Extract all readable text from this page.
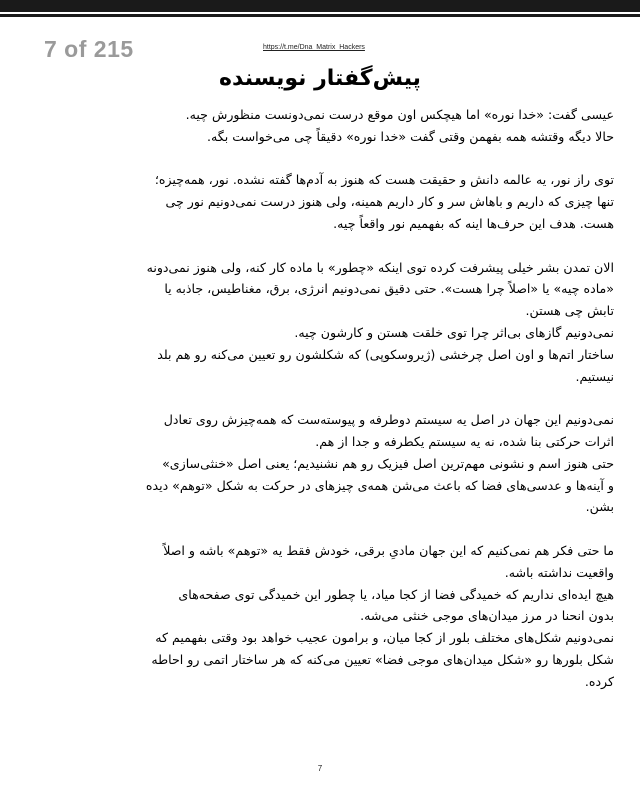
7 of 215	https://t.me/Dna_Matrix_Hackers
پیش‌گفتار نویسنده
عیسی گفت: «خدا نوره» اما هیچکس اون موقع درست نمی‌دونست منظورش چیه.
حالا دیگه وقتشه همه بفهمن وقتی گفت «خدا نوره» دقیقاً چی می‌خواست بگه.
توی راز نور، یه عالمه دانش و حقیقت هست که هنوز به آدم‌ها گفته نشده. نور، همه‌چیزه؛
تنها چیزی که داریم و باهاش سر و کار داریم همینه، ولی هنوز درست نمی‌دونیم نور چی
هست. هدف این حرف‌ها اینه که بفهمیم نور واقعاً چیه.
الان تمدن بشر خیلی پیشرفت کرده توی اینکه «چطور» با ماده کار کنه، ولی هنوز نمی‌دونه
«ماده چیه» یا «اصلاً چرا هست». حتی دقیق نمی‌دونیم انرژی، برق، مغناطیس، جاذبه یا
تابش چی هستن.
نمی‌دونیم گازهای بی‌اثر چرا توی خلقت هستن و کارشون چیه.
ساختار اتم‌ها و اون اصل چرخشی (ژیروسکوپی) که شکلشون رو تعیین می‌کنه رو هم بلد
نیستیم.
نمی‌دونیم این جهان در اصل یه سیستم دوطرفه و پیوسته‌ست که همه‌چیزش روی تعادل
اثرات حرکتی بنا شده، نه یه سیستم یکطرفه و جدا از هم.
حتی هنوز اسم و نشونی مهم‌ترین اصل فیزیک رو هم نشنیدیم؛ یعنی اصل «خنثی‌سازی»
و آینه‌ها و عدسی‌های فضا که باعث می‌شن همه‌ی چیزهای در حرکت به شکل «توهم» دیده
بشن.
ما حتی فکر هم نمی‌کنیم که این جهان مادیِ برقی، خودش فقط یه «توهم» باشه و اصلاً
واقعیت نداشته باشه.
هیچ ایده‌ای نداریم که خمیدگی فضا از کجا میاد، یا چطور این خمیدگی توی صفحه‌های
بدون انحنا در مرز میدان‌های موجی خنثی می‌شه.
نمی‌دونیم شکل‌های مختلف بلور از کجا میان، و برامون عجیب خواهد بود وقتی بفهمیم که
شکل بلورها رو «شکل میدان‌های موجی فضا» تعیین می‌کنه که هر ساختار اتمی رو احاطه
کرده.
7
